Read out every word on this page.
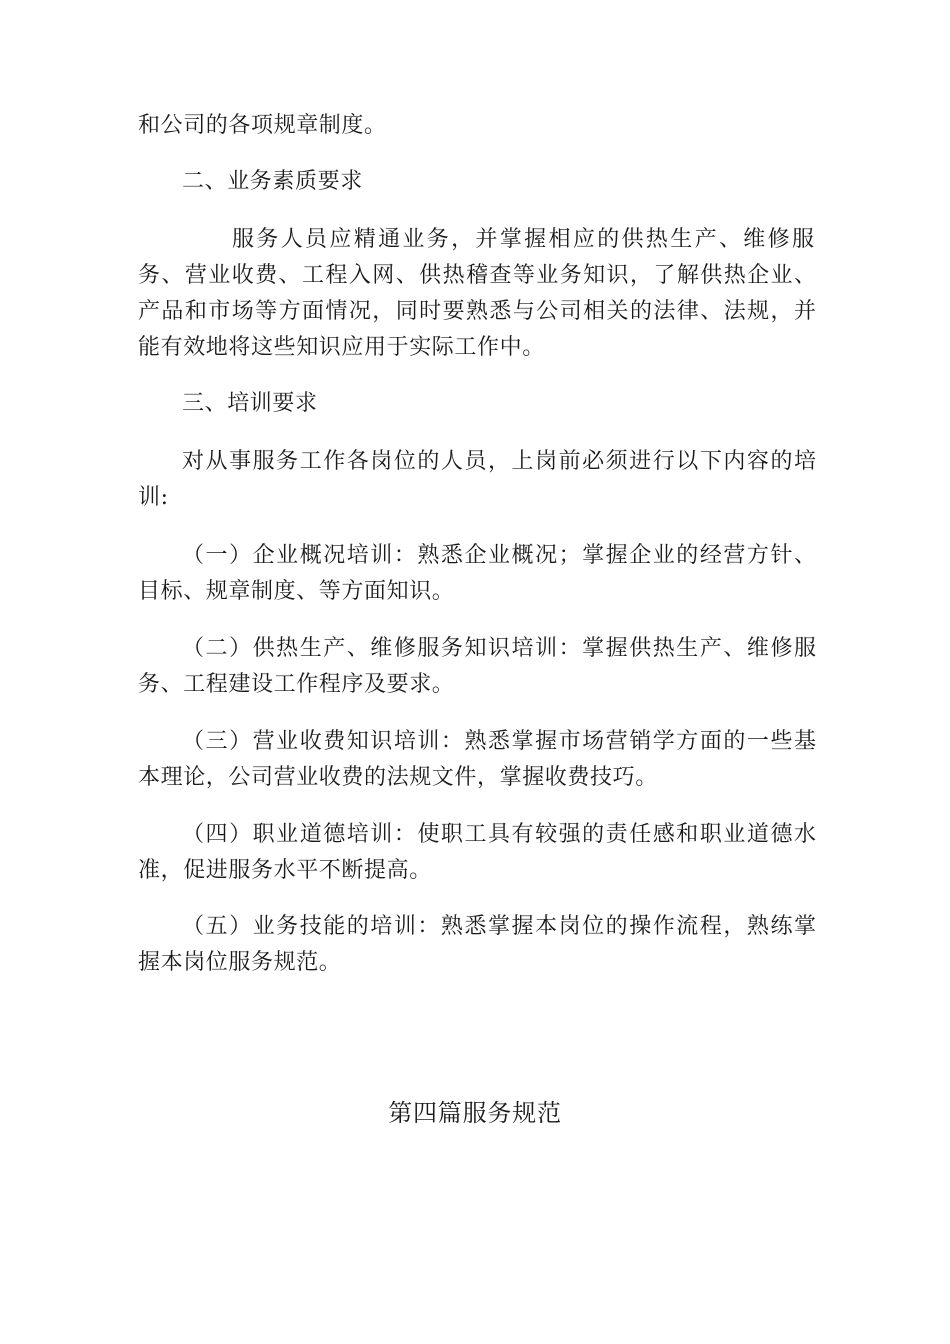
和公司的各项规章制度。
二、业务素质要求
服务人员应精通业务，并掌握相应的供热生产、维修服
务、营业收费、工程入网、供热稽查等业务知识，了解供热企业、
产品和市场等方面情况，同时要熟悉与公司相关的法律、法规，并
能有效地将这些知识应用于实际工作中。
三、培训要求
对从事服务工作各岗位的人员，上岗前必须进行以下内容的培
训:
（一）企业概况培训：熟悉企业概况；掌握企业的经营方针、
目标、规章制度、等方面知识。
（二）供热生产、维修服务知识培训：掌握供热生产、维修服
务、工程建设工作程序及要求。
（三）营业收费知识培训：熟悉掌握市场营销学方面的一些基
本理论，公司营业收费的法规文件，掌握收费技巧。
（四）职业道德培训：使职工具有较强的责任感和职业道德水
准，促进服务水平不断提高。
（五）业务技能的培训：熟悉掌握本岗位的操作流程，熟练掌
握本岗位服务规范。
第四篇服务规范
